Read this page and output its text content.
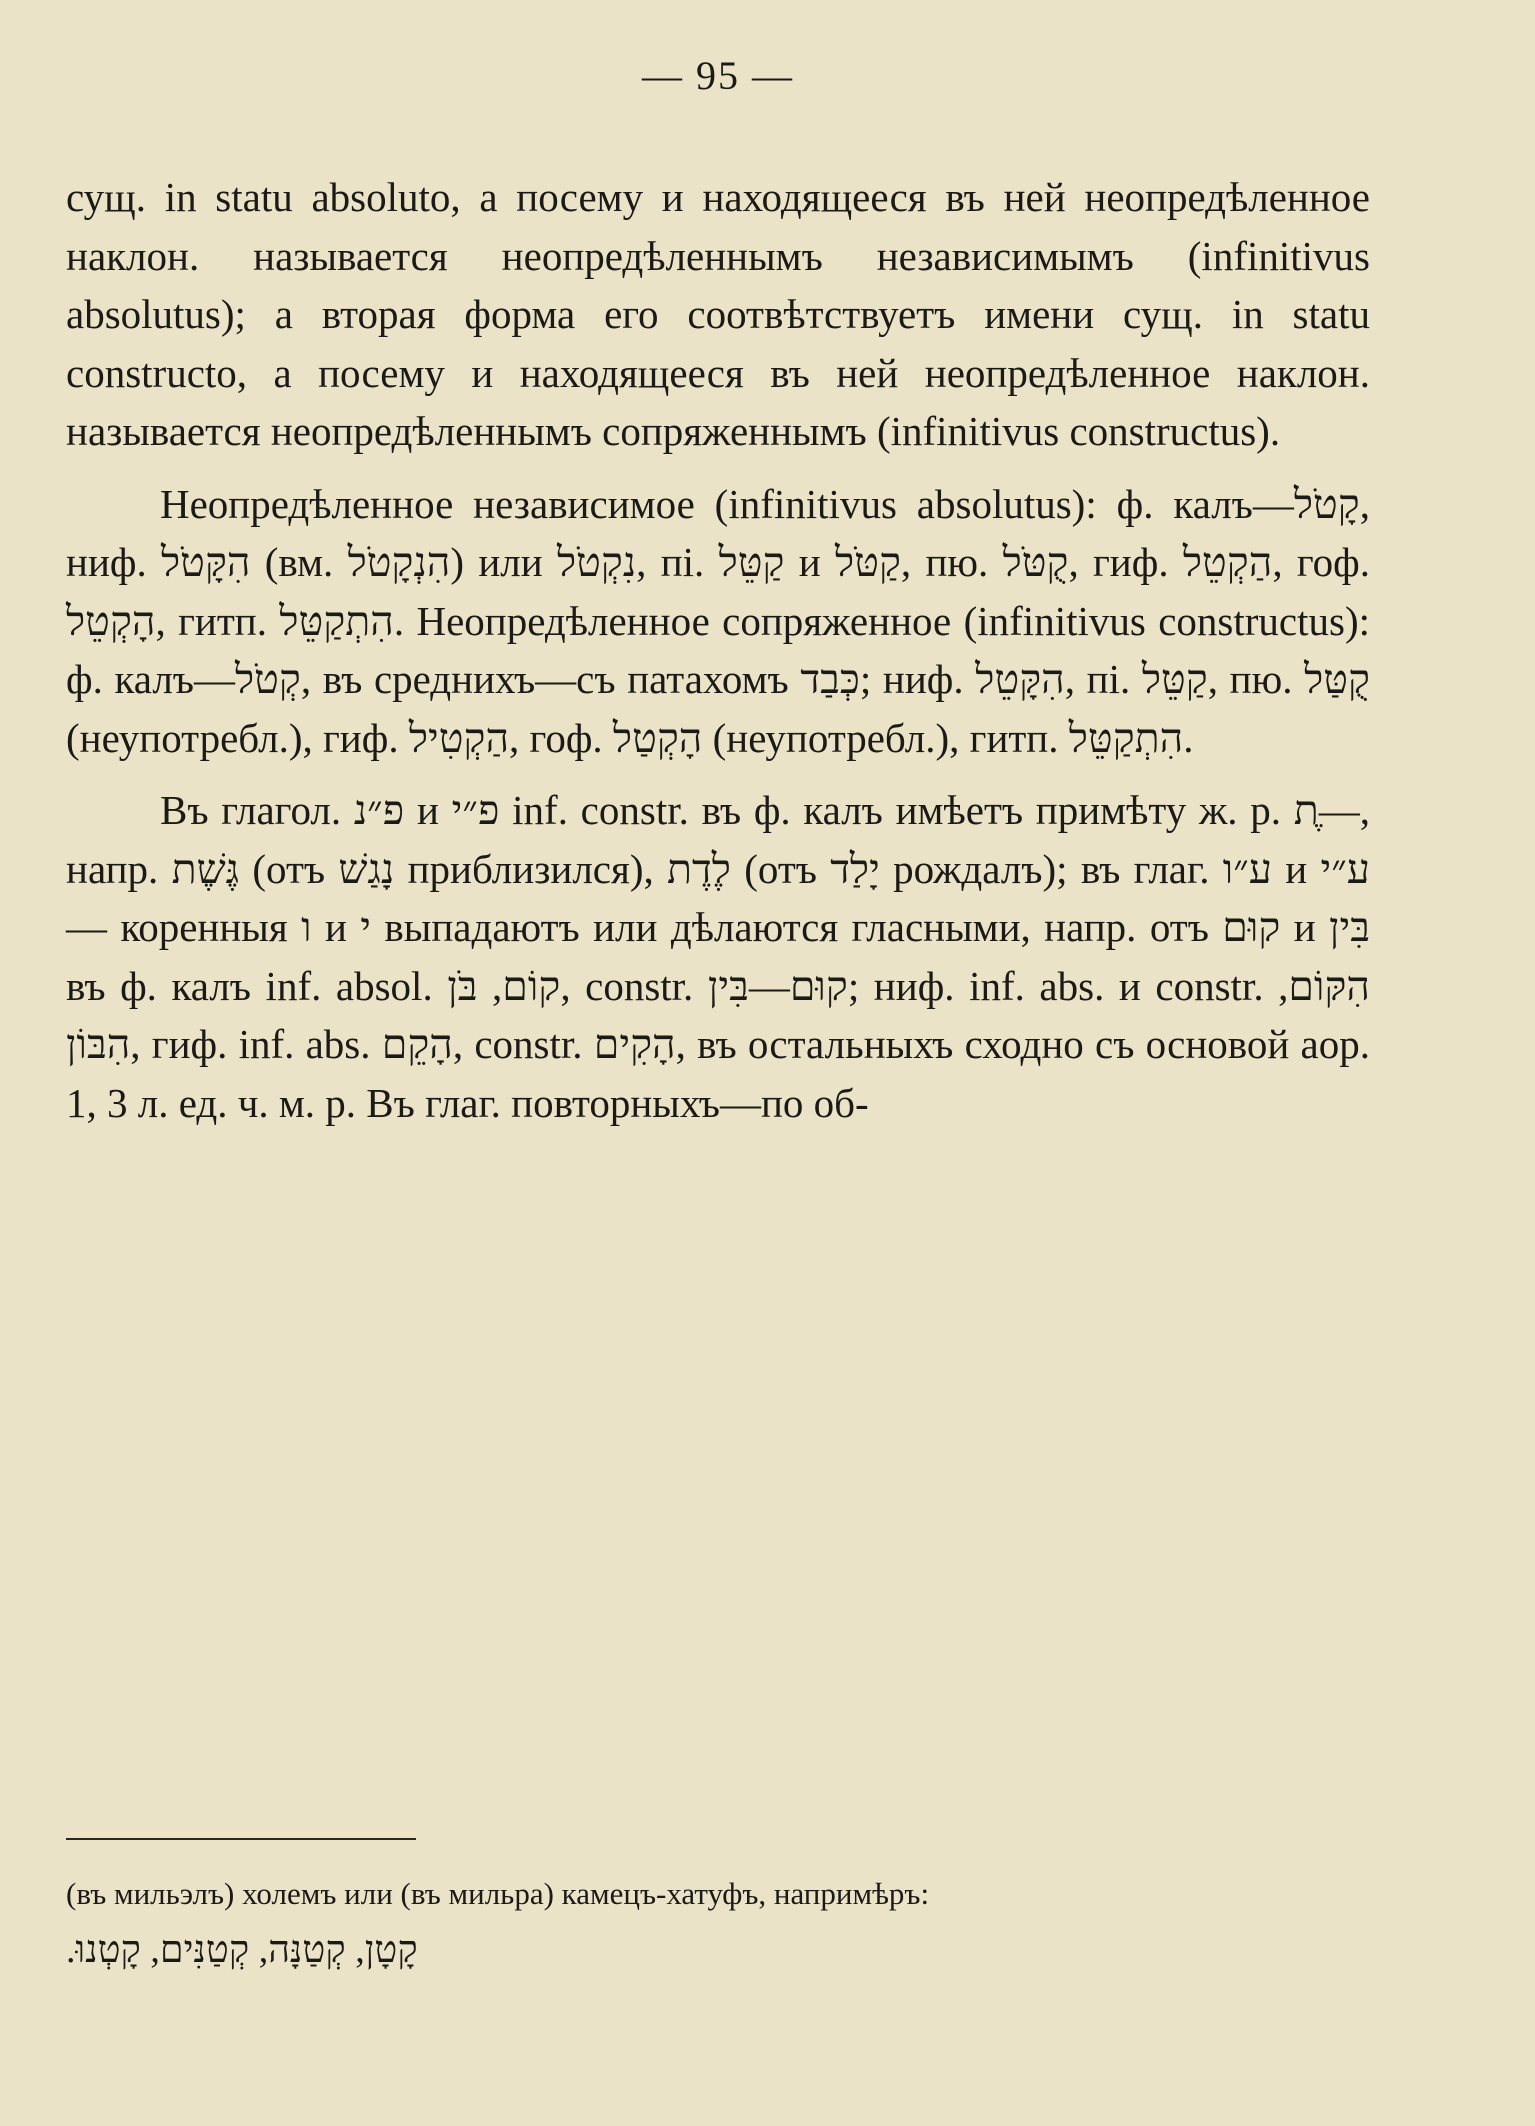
— 95 —

сущ. in statu absoluto, а посему и находящееся въ ней неопредѣленное наклон. называется неопредѣленнымъ независимымъ (infinitivus absolutus); а вторая форма его соотвѣтствуетъ имени сущ. in statu constructo, а посему и находящееся въ ней неопредѣленное наклон. называется неопредѣленнымъ сопряженнымъ (infinitivus constructus).

Неопредѣленное независимое (infinitivus absolutus): ф. калъ—קָטֹל, ниф. הִקָּטֹל (вм. הִנְקָטֹל) или נִקְטֹל, пі. קַטֵּל и קַטֹּל, пю. קֻטֹּל, гиф. הַקְטֵל, гоф. הָקְטֵל, гитп. הִתְקַטֵּל. Неопредѣленное сопряженное (infinitivus constructus): ф. калъ—קְטֹל, въ среднихъ—съ патахомъ כְּבַד; ниф. הִקָּטֵל, пі. קַטֵּל, пю. קֻטַּל (неупотребл.), гиф. הַקְטִיל, гоф. הָקְטַל (неупотребл.), гитп. הִתְקַטֵּל.

Въ глагол. פ״נ и פ״י inf. constr. въ ф. калъ имѣетъ примѣту ж. р. ת—ֶ, напр. גֶּשֶׁת (отъ נָגַשׁ приблизился), לֶדֶת (отъ יָלַד рождалъ); въ глаг. ע״ו и ע״י — коренныя ו и י выпадаютъ или дѣлаются гласными, напр. отъ קוּם и בִּין въ ф. калъ inf. absol. קוֹם, בֹּן, constr. קוּם—בִּין; ниф. inf. abs. и constr. הִקּוֹם, הִבּוֹן, гиф. inf. abs. הָקֵם, constr. הָקִים, въ остальныхъ сходно съ основой аор. 1, 3 л. ед. ч. м. р. Въ глаг. повторныхъ—по об-

(въ мильэлъ) холемъ или (въ мильра) камецъ-хатуфъ, напримѣръ:

קָטָן, קְטַנָּה, קְטַנִּים, קָטְנוּ.
